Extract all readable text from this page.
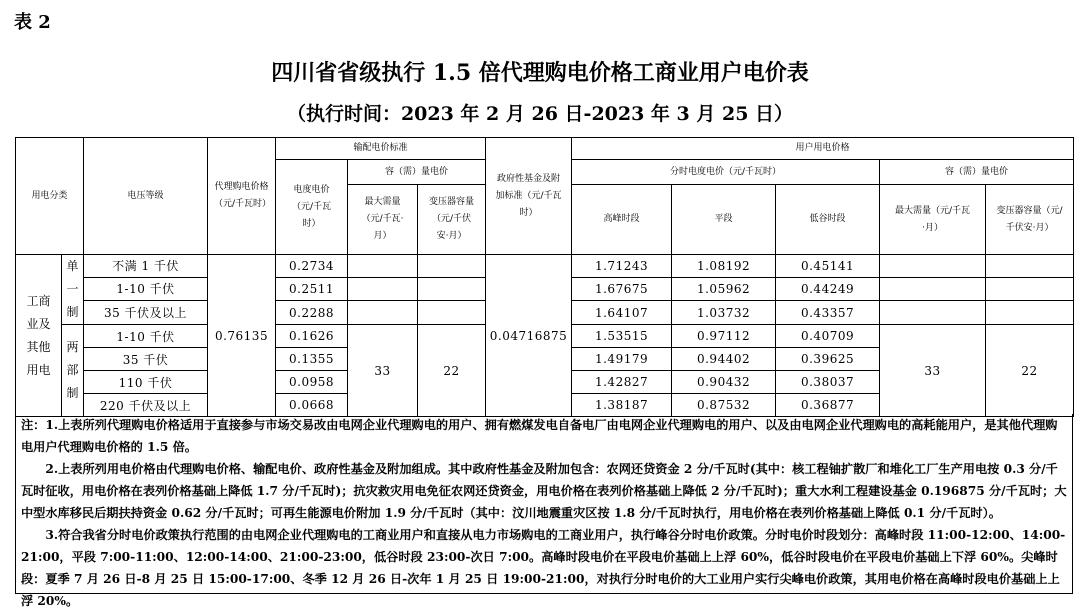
表 2
四川省省级执行 1.5 倍代理购电价格工商业用户电价表
（执行时间：2023 年 2 月 26 日-2023 年 3 月 25 日）
用电分类		电压等级	代理购电价格（元/千瓦时）	输配电价标准			政府性基金及附加标准（元/千瓦时）	用户用电价格				
				电度电价（元/千瓦时）	容（需）量电价			分时电度电价（元/千瓦时）			容（需）量电价	
					最大需量（元/千瓦·月）	变压器容量（元/千伏安·月）		高峰时段	平段	低谷时段	最大需量（元/千瓦·月）	变压器容量（元/千伏安·月）

工商业及其他用电	单一制	不满 1 千伏	0.76135	0.2734			0.04716875	1.71243	1.08192	0.45141		
		1-10 千伏		0.2511				1.67675	1.05962	0.44249		
		35 千伏及以上		0.2288				1.64107	1.03732	0.43357		
	两部制	1-10 千伏		0.1626	33	22		1.53515	0.97112	0.40709	33	22
		35 千伏		0.1355				1.49179	0.94402	0.39625		
		110 千伏		0.0958				1.42827	0.90432	0.38037		
		220 千伏及以上		0.0668				1.38187	0.87532	0.36877		

注：1.上表所列代理购电价格适用于直接参与市场交易改由电网企业代理购电的用户、拥有燃煤发电自备电厂由电网企业代理购电的用户、以及由电网企业代理购电的高耗能用户，是其他代理购电用户代理购电价格的 1.5 倍。

2.上表所列用电价格由代理购电价格、输配电价、政府性基金及附加组成。其中政府性基金及附加包含：农网还贷资金 2 分/千瓦时(其中：核工程铀扩散厂和堆化工厂生产用电按 0.3 分/千瓦时征收，用电价格在表列价格基础上降低 1.7 分/千瓦时)；抗灾救灾用电免征农网还贷资金，用电价格在表列价格基础上降低 2 分/千瓦时)；重大水利工程建设基金 0.196875 分/千瓦时；大中型水库移民后期扶持资金 0.62 分/千瓦时；可再生能源电价附加 1.9 分/千瓦时（其中：汶川地震重灾区按 1.8 分/千瓦时执行，用电价格在表列价格基础上降低 0.1 分/千瓦时）。

3.符合我省分时电价政策执行范围的由电网企业代理购电的工商业用户和直接从电力市场购电的工商业用户，执行峰谷分时电价政策。分时电价时段划分：高峰时段 11:00-12:00、14:00-21:00，平段 7:00-11:00、12:00-14:00、21:00-23:00，低谷时段 23:00-次日 7:00。高峰时段电价在平段电价基础上上浮 60%，低谷时段电价在平段电价基础上下浮 60%。尖峰时段：夏季 7 月 26 日-8 月 25 日 15:00-17:00、冬季 12 月 26 日-次年 1 月 25 日 19:00-21:00，对执行分时电价的大工业用户实行尖峰电价政策，其用电价格在高峰时段电价基础上上浮 20%。
